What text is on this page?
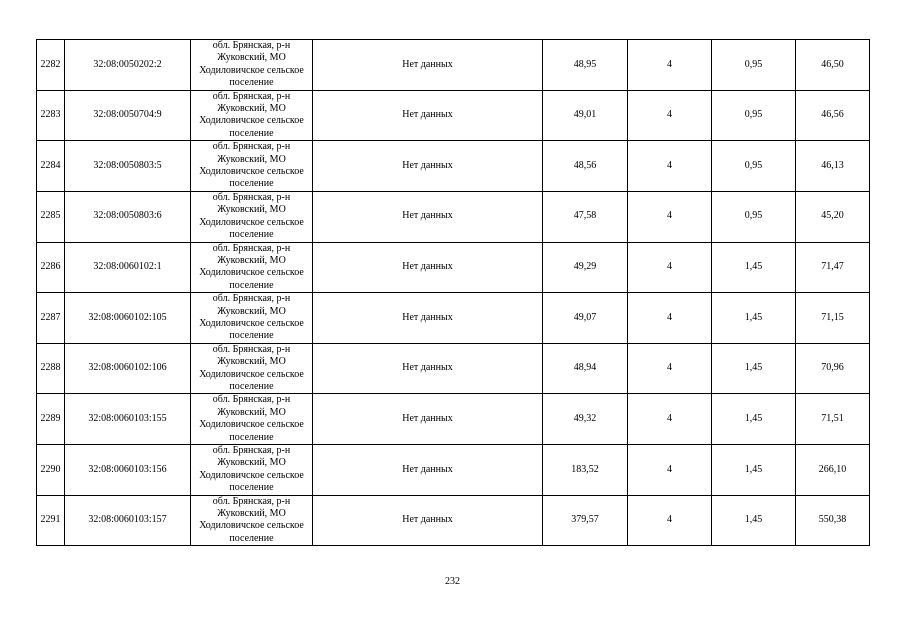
2282	32:08:0050202:2	обл. Брянская, р-н
Жуковский, МО
Ходиловичское сельское
поселение	Нет данных	48,95	4	0,95	46,50
2283	32:08:0050704:9	обл. Брянская, р-н
Жуковский, МО
Ходиловичское сельское
поселение	Нет данных	49,01	4	0,95	46,56
2284	32:08:0050803:5	обл. Брянская, р-н
Жуковский, МО
Ходиловичское сельское
поселение	Нет данных	48,56	4	0,95	46,13
2285	32:08:0050803:6	обл. Брянская, р-н
Жуковский, МО
Ходиловичское сельское
поселение	Нет данных	47,58	4	0,95	45,20
2286	32:08:0060102:1	обл. Брянская, р-н
Жуковский, МО
Ходиловичское сельское
поселение	Нет данных	49,29	4	1,45	71,47
2287	32:08:0060102:105	обл. Брянская, р-н
Жуковский, МО
Ходиловичское сельское
поселение	Нет данных	49,07	4	1,45	71,15
2288	32:08:0060102:106	обл. Брянская, р-н
Жуковский, МО
Ходиловичское сельское
поселение	Нет данных	48,94	4	1,45	70,96
2289	32:08:0060103:155	обл. Брянская, р-н
Жуковский, МО
Ходиловичское сельское
поселение	Нет данных	49,32	4	1,45	71,51
2290	32:08:0060103:156	обл. Брянская, р-н
Жуковский, МО
Ходиловичское сельское
поселение	Нет данных	183,52	4	1,45	266,10
2291	32:08:0060103:157	обл. Брянская, р-н
Жуковский, МО
Ходиловичское сельское
поселение	Нет данных	379,57	4	1,45	550,38
232
